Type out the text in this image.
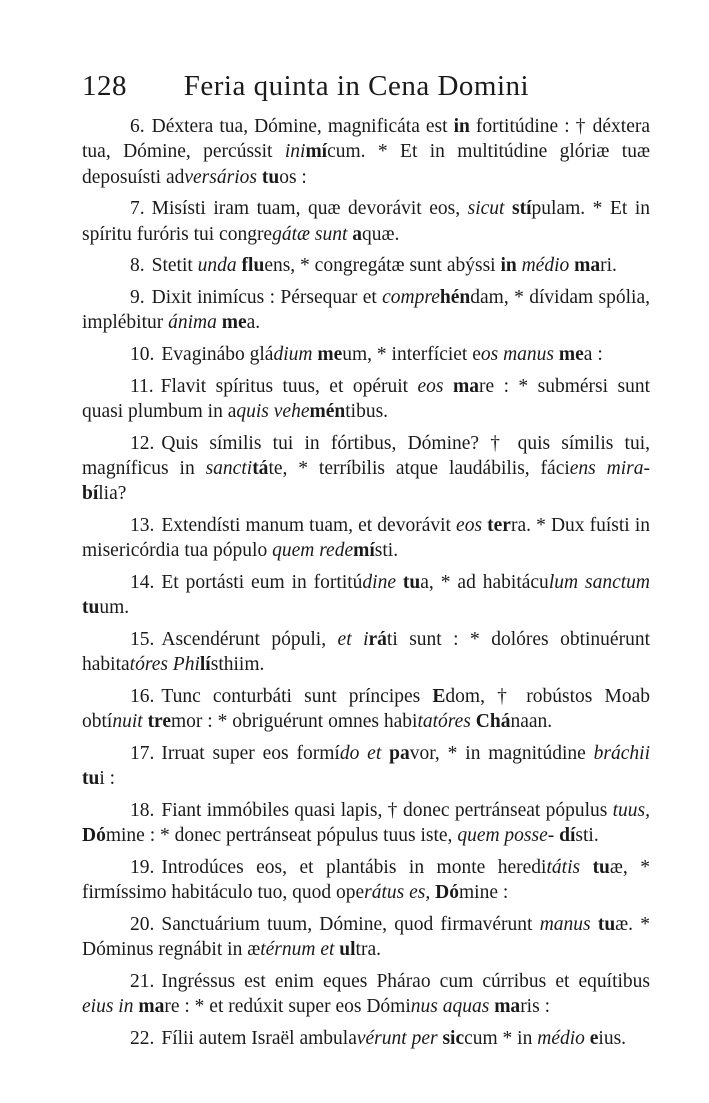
128 Feria quinta in Cena Domini

6. Déxtera tua, Dómine, magnificáta est in fortitúdine : † déxtera tua, Dómine, percússit inimícum. * Et in multitúdine glóriæ tuæ deposuísti adversários tuos :

7. Misísti iram tuam, quæ devorávit eos, sicut stípulam. * Et in spíritu furóris tui congregátæ sunt aquæ.

8. Stetit unda fluens, * congregátæ sunt abýssi in médio mari.

9. Dixit inimícus : Pérsequar et comprehéndam, * dívidam spólia, implébitur ánima mea.

10. Evaginábo gládium meum, * interfíciet eos manus mea :

11. Flavit spíritus tuus, et opéruit eos mare : * submérsi sunt quasi plumbum in aquis veheméntibus.

12. Quis símilis tui in fórtibus, Dómine? † quis símilis tui, magníficus in sanctitáte, * terríbilis atque laudábilis, fáciens mira- bília?

13. Extendísti manum tuam, et devorávit eos terra. * Dux fuísti in misericórdia tua pópulo quem redemísti.

14. Et portásti eum in fortitúdine tua, * ad habitáculum sanctum tuum.

15. Ascendérunt pópuli, et iráti sunt : * dolóres obtinuérunt habitatóres Philísthiim.

16. Tunc conturbáti sunt príncipes Edom, † robústos Moab obtínuit tremor : * obriguérunt omnes habitatóres Chánaan.

17. Irruat super eos formído et pavor, * in magnitúdine bráchii tui :

18. Fiant immóbiles quasi lapis, † donec pertránseat pópulus tuus, Dómine : * donec pertránseat pópulus tuus iste, quem posse- dísti.

19. Introdúces eos, et plantábis in monte hereditátis tuæ, * firmíssimo habitáculo tuo, quod operátus es, Dómine :

20. Sanctuárium tuum, Dómine, quod firmavérunt manus tuæ. * Dóminus regnábit in ætérnum et ultra.

21. Ingréssus est enim eques Phárao cum cúrribus et equítibus eius in mare : * et redúxit super eos Dóminus aquas maris :

22. Fílii autem Israël ambulavérunt per siccum * in médio eius.
